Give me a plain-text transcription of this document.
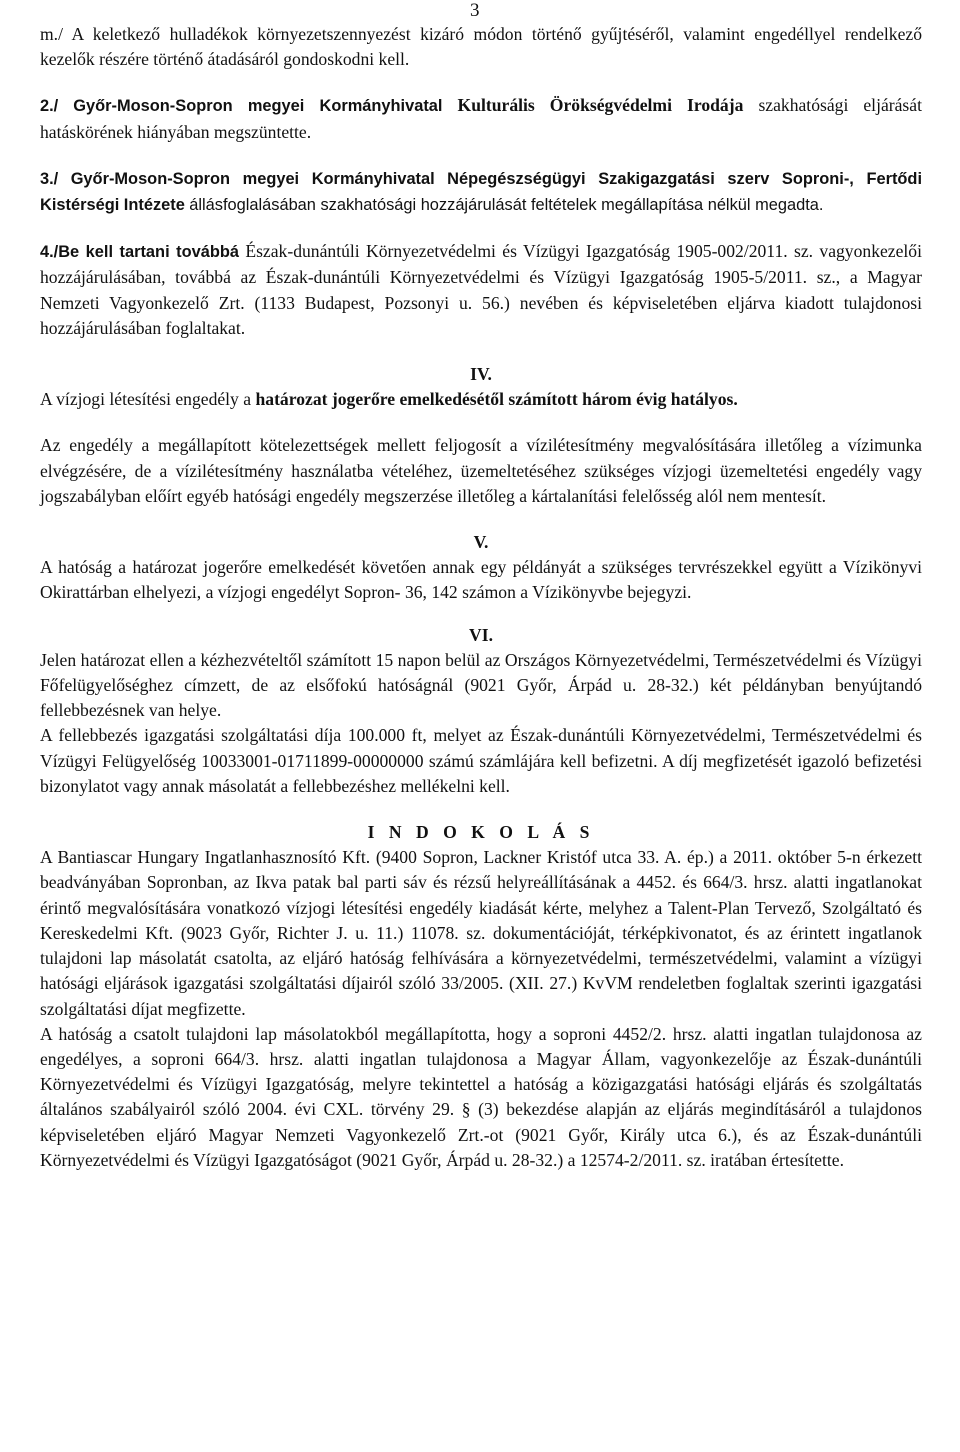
3

m./ A keletkező hulladékok környezetszennyezést kizáró módon történő gyűjtéséről, valamint engedéllyel rendelkező kezelők részére történő átadásáról gondoskodni kell.

2./ Győr-Moson-Sopron megyei Kormányhivatal Kulturális Örökségvédelmi Irodája szakhatósági eljárását hatáskörének hiányában megszüntette.

3./ Győr-Moson-Sopron megyei Kormányhivatal Népegészségügyi Szakigazgatási szerv Soproni-, Fertődi Kistérségi Intézete állásfoglalásában szakhatósági hozzájárulását feltételek megállapítása nélkül megadta.

4./Be kell tartani továbbá Észak-dunántúli Környezetvédelmi és Vízügyi Igazgatóság 1905-002/2011. sz. vagyonkezelői hozzájárulásában, továbbá az Észak-dunántúli Környezetvédelmi és Vízügyi Igazgatóság 1905-5/2011. sz., a Magyar Nemzeti Vagyonkezelő Zrt. (1133 Budapest, Pozsonyi u. 56.) nevében és képviseletében eljárva kiadott tulajdonosi hozzájárulásában foglaltakat.

IV.

A vízjogi létesítési engedély a határozat jogerőre emelkedésétől számított három évig hatályos.

Az engedély a megállapított kötelezettségek mellett feljogosít a vízilétesítmény megvalósítására illetőleg a vízimunka elvégzésére, de a vízilétesítmény használatba vételéhez, üzemeltetéséhez szükséges vízjogi üzemeltetési engedély vagy jogszabályban előírt egyéb hatósági engedély megszerzése illetőleg a kártalanítási felelősség alól nem mentesít.

V.

A hatóság a határozat jogerőre emelkedését követően annak egy példányát a szükséges tervrészekkel együtt a Vízikönyvi Okirattárban elhelyezi, a vízjogi engedélyt Sopron- 36, 142 számon a Vízikönyvbe bejegyzi.

VI.

Jelen határozat ellen a kézhezvételtől számított 15 napon belül az Országos Környezetvédelmi, Természetvédelmi és Vízügyi Főfelügyelőséghez címzett, de az elsőfokú hatóságnál (9021 Győr, Árpád u. 28-32.) két példányban benyújtandó fellebbezésnek van helye.

A fellebbezés igazgatási szolgáltatási díja 100.000 ft, melyet az Észak-dunántúli Környezetvédelmi, Természetvédelmi és Vízügyi Felügyelőség 10033001-01711899-00000000 számú számlájára kell befizetni. A díj megfizetését igazoló befizetési bizonylatot vagy annak másolatát a fellebbezéshez mellékelni kell.

I N D O K O L Á S

A Bantiascar Hungary Ingatlanhasznosító Kft. (9400 Sopron, Lackner Kristóf utca 33. A. ép.) a 2011. október 5-n érkezett beadványában Sopronban, az Ikva patak bal parti sáv és rézsű helyreállításának a 4452. és 664/3. hrsz. alatti ingatlanokat érintő megvalósítására vonatkozó vízjogi létesítési engedély kiadását kérte, melyhez a Talent-Plan Tervező, Szolgáltató és Kereskedelmi Kft. (9023 Győr, Richter J. u. 11.) 11078. sz. dokumentációját, térképkivonatot, és az érintett ingatlanok tulajdoni lap másolatát csatolta, az eljáró hatóság felhívására a környezetvédelmi, természetvédelmi, valamint a vízügyi hatósági eljárások igazgatási szolgáltatási díjairól szóló 33/2005. (XII. 27.) KvVM rendeletben foglaltak szerinti igazgatási szolgáltatási díjat megfizette.

A hatóság a csatolt tulajdoni lap másolatokból megállapította, hogy a soproni 4452/2. hrsz. alatti ingatlan tulajdonosa az engedélyes, a soproni 664/3. hrsz. alatti ingatlan tulajdonosa a Magyar Állam, vagyonkezelője az Észak-dunántúli Környezetvédelmi és Vízügyi Igazgatóság, melyre tekintettel a hatóság a közigazgatási hatósági eljárás és szolgáltatás általános szabályairól szóló 2004. évi CXL. törvény 29. § (3) bekezdése alapján az eljárás megindításáról a tulajdonos képviseletében eljáró Magyar Nemzeti Vagyonkezelő Zrt.-ot (9021 Győr, Király utca 6.), és az Észak-dunántúli Környezetvédelmi és Vízügyi Igazgatóságot (9021 Győr, Árpád u. 28-32.) a 12574-2/2011. sz. iratában értesítette.
